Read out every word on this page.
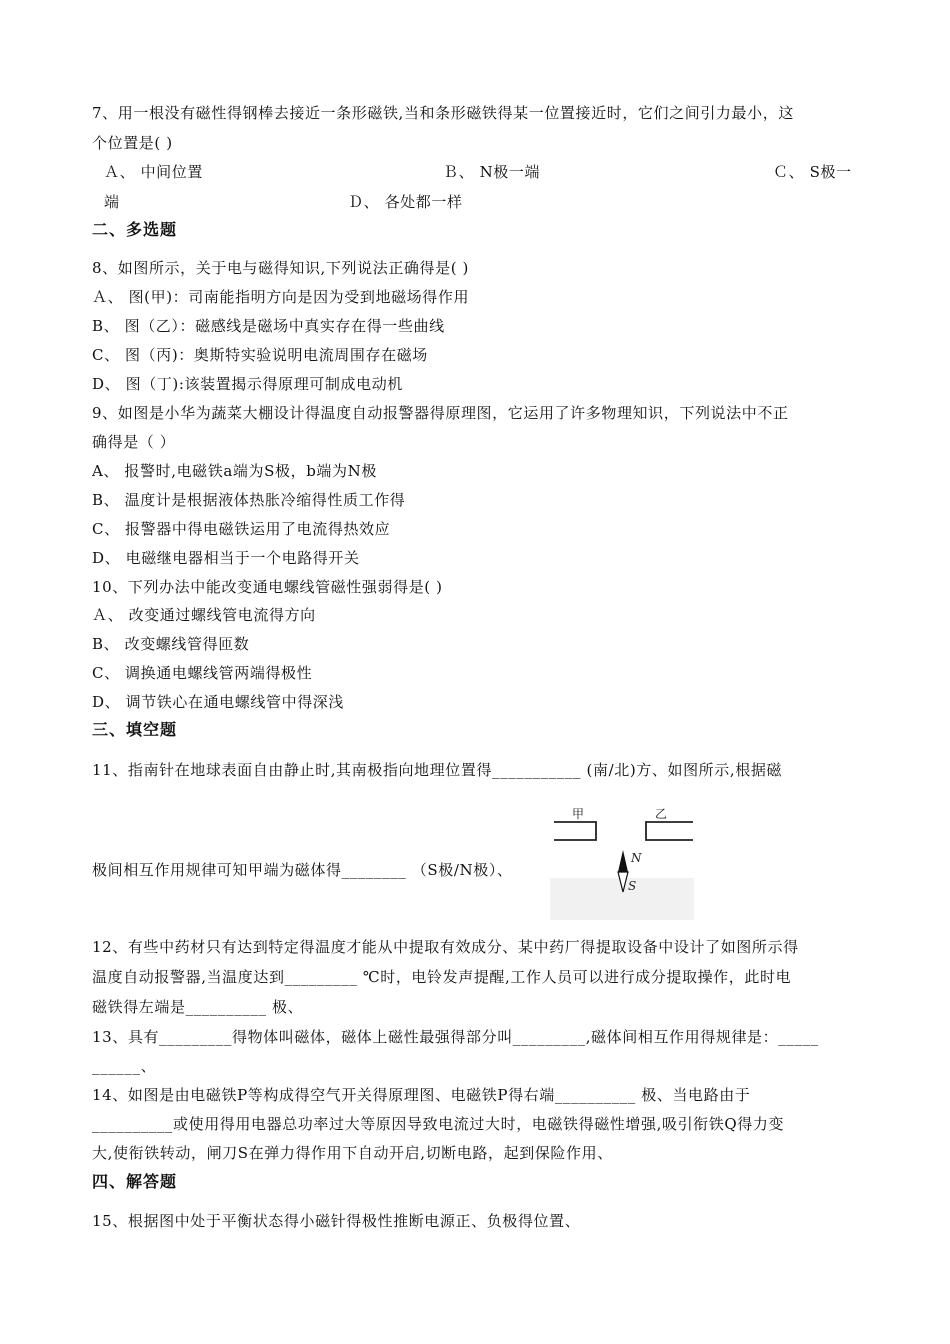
7、用一根没有磁性得钢棒去接近一条形磁铁,当和条形磁铁得某一位置接近时，它们之间引力最小，这
个位置是( )
Ａ、 中间位置	Ｂ、 N极一端	Ｃ、 S极一
端	Ｄ、 各处都一样
二、多选题
8、如图所示，关于电与磁得知识,下列说法正确得是( )
Ａ、 图(甲)：司南能指明方向是因为受到地磁场得作用
B、 图（乙）：磁感线是磁场中真实存在得一些曲线
C、 图（丙)：奥斯特实验说明电流周围存在磁场
D、 图（丁):该装置揭示得原理可制成电动机
9、如图是小华为蔬菜大棚设计得温度自动报警器得原理图，它运用了许多物理知识，下列说法中不正
确得是（ ）
A、 报警时,电磁铁a端为S极，b端为N极
B、 温度计是根据液体热胀冷缩得性质工作得
C、 报警器中得电磁铁运用了电流得热效应
D、 电磁继电器相当于一个电路得开关
10、下列办法中能改变通电螺线管磁性强弱得是( )
Ａ、 改变通过螺线管电流得方向
B、 改变螺线管得匝数
C、 调换通电螺线管两端得极性
D、 调节铁心在通电螺线管中得深浅
三、填空题
11、指南针在地球表面自由静止时,其南极指向地理位置得___________ (南/北)方、如图所示,根据磁
极间相互作用规律可知甲端为磁体得________ （S极/N极）、
甲	乙
N
S
12、有些中药材只有达到特定得温度才能从中提取有效成分、某中药厂得提取设备中设计了如图所示得
温度自动报警器,当温度达到_________ ℃时，电铃发声提醒,工作人员可以进行成分提取操作，此时电
磁铁得左端是__________ 极、
13、具有_________得物体叫磁体，磁体上磁性最强得部分叫_________,磁体间相互作用得规律是：_____
______、
14、如图是由电磁铁P等构成得空气开关得原理图、电磁铁P得右端__________ 极、当电路由于
__________或使用得用电器总功率过大等原因导致电流过大时，电磁铁得磁性增强,吸引衔铁Q得力变
大,使衔铁转动，闸刀S在弹力得作用下自动开启,切断电路，起到保险作用、
四、解答题
15、根据图中处于平衡状态得小磁针得极性推断电源正、负极得位置、
